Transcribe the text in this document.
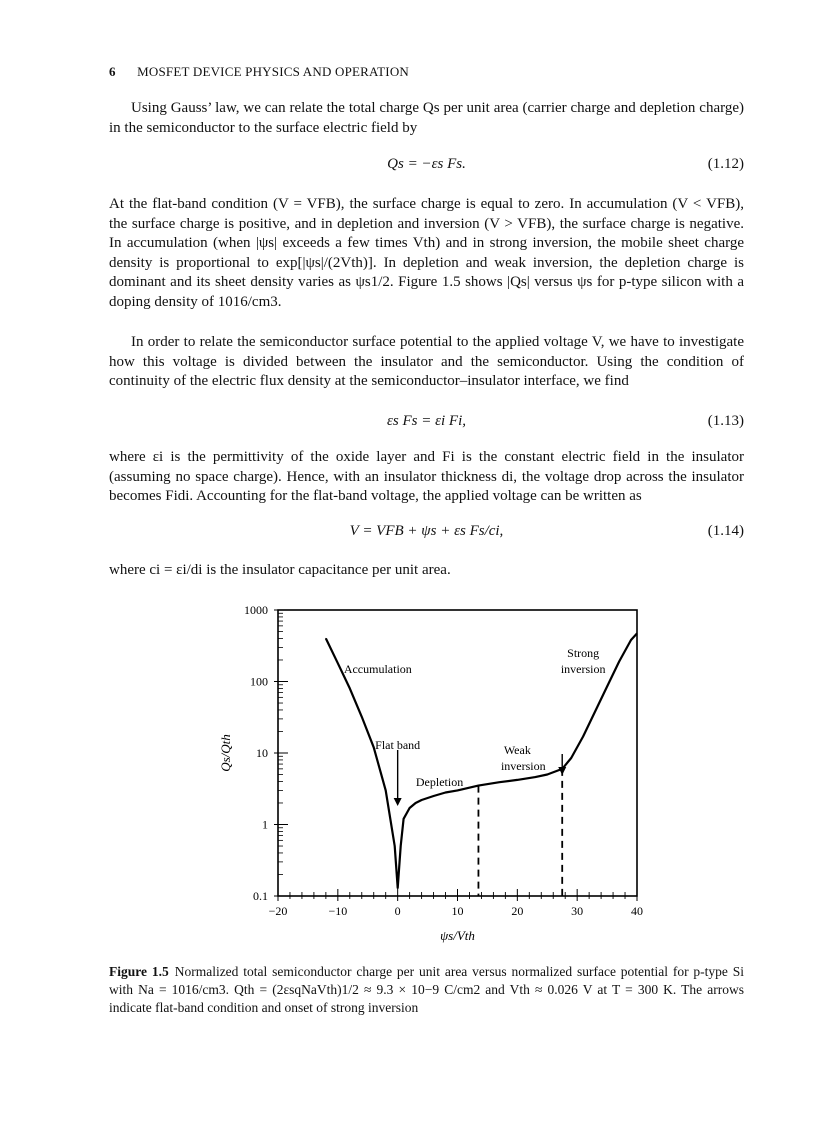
6 MOSFET DEVICE PHYSICS AND OPERATION

Using Gauss’ law, we can relate the total charge Qs per unit area (carrier charge and depletion charge) in the semiconductor to the surface electric field by

Qs = −εs Fs.	(1.12)

At the flat-band condition (V = VFB), the surface charge is equal to zero. In accumulation (V < VFB), the surface charge is positive, and in depletion and inversion (V > VFB), the surface charge is negative. In accumulation (when |ψs| exceeds a few times Vth) and in strong inversion, the mobile sheet charge density is proportional to exp[|ψs|/(2Vth)]. In depletion and weak inversion, the depletion charge is dominant and its sheet density varies as ψs1/2. Figure 1.5 shows |Qs| versus ψs for p-type silicon with a doping density of 1016/cm3.

In order to relate the semiconductor surface potential to the applied voltage V, we have to investigate how this voltage is divided between the insulator and the semiconductor. Using the condition of continuity of the electric flux density at the semiconductor–insulator interface, we find

εs Fs = εi Fi,	(1.13)

where εi is the permittivity of the oxide layer and Fi is the constant electric field in the insulator (assuming no space charge). Hence, with an insulator thickness di, the voltage drop across the insulator becomes Fidi. Accounting for the flat-band voltage, the applied voltage can be written as

V = VFB + ψs + εs Fs/ci,	(1.14)

where ci = εi/di is the insulator capacitance per unit area.

ψs/Vth
Qs/Qth
−20	−10	0	10	20	30	40
0.1
1
10
100
1000
Accumulation
Flat band
Depletion
Weak
inversion
Strong
inversion

Figure 1.5 Normalized total semiconductor charge per unit area versus normalized surface potential for p-type Si with Na = 1016/cm3. Qth = (2εsqNaVth)1/2 ≈ 9.3 × 10−9 C/cm2 and Vth ≈ 0.026 V at T = 300 K. The arrows indicate flat-band condition and onset of strong inversion
